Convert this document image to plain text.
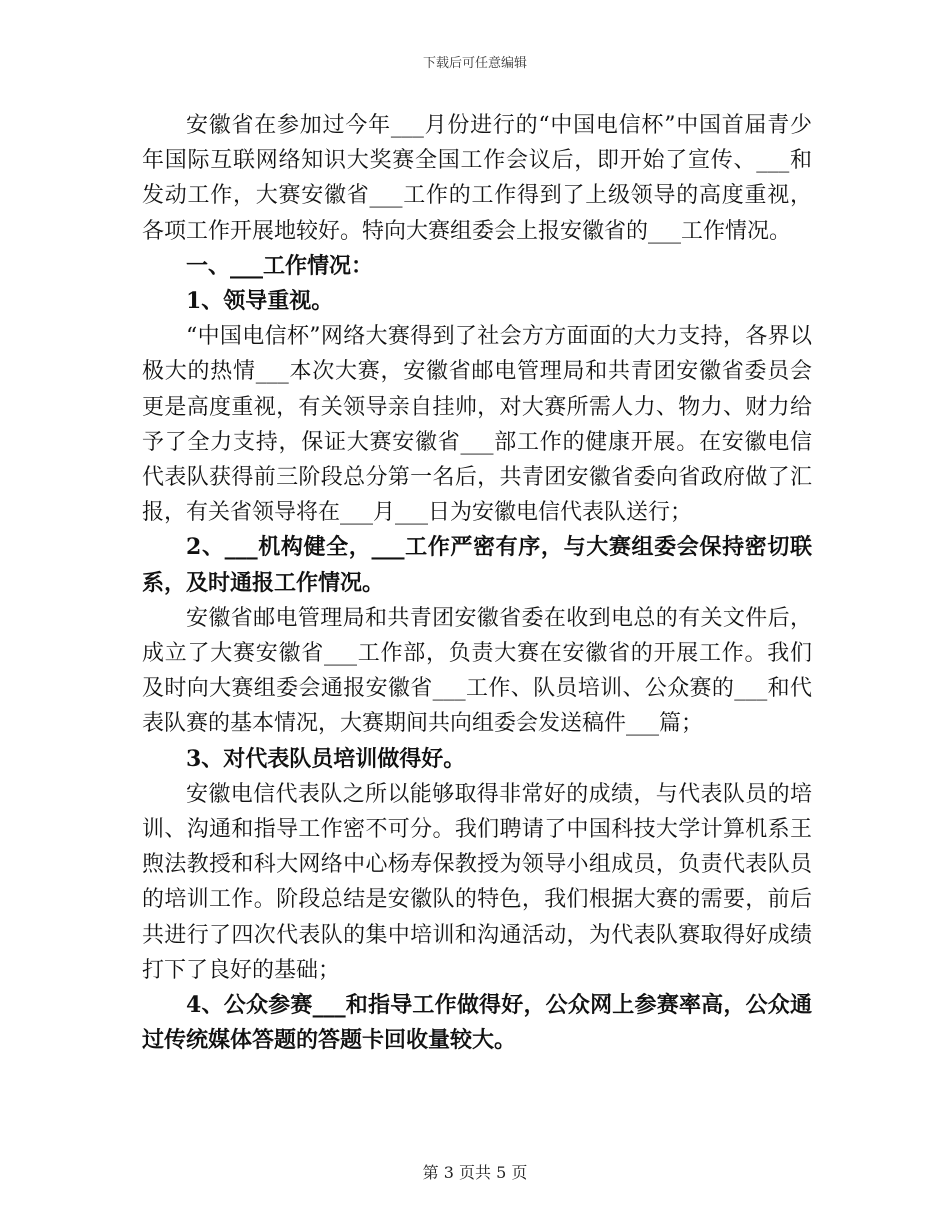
下载后可任意编辑

安徽省在参加过今年___月份进行的“中国电信杯”中国首届青少年国际互联网络知识大奖赛全国工作会议后，即开始了宣传、___和发动工作，大赛安徽省___工作的工作得到了上级领导的高度重视，各项工作开展地较好。特向大赛组委会上报安徽省的___工作情况。

一、___工作情况：

1、领导重视。

“中国电信杯”网络大赛得到了社会方方面面的大力支持，各界以极大的热情___本次大赛，安徽省邮电管理局和共青团安徽省委员会更是高度重视，有关领导亲自挂帅，对大赛所需人力、物力、财力给予了全力支持，保证大赛安徽省___部工作的健康开展。在安徽电信代表队获得前三阶段总分第一名后，共青团安徽省委向省政府做了汇报，有关省领导将在___月___日为安徽电信代表队送行；

2、___机构健全，___工作严密有序，与大赛组委会保持密切联系，及时通报工作情况。

安徽省邮电管理局和共青团安徽省委在收到电总的有关文件后，成立了大赛安徽省___工作部，负责大赛在安徽省的开展工作。我们及时向大赛组委会通报安徽省___工作、队员培训、公众赛的___和代表队赛的基本情况，大赛期间共向组委会发送稿件___篇；

3、对代表队员培训做得好。

安徽电信代表队之所以能够取得非常好的成绩，与代表队员的培训、沟通和指导工作密不可分。我们聘请了中国科技大学计算机系王煦法教授和科大网络中心杨寿保教授为领导小组成员，负责代表队员的培训工作。阶段总结是安徽队的特色，我们根据大赛的需要，前后共进行了四次代表队的集中培训和沟通活动，为代表队赛取得好成绩打下了良好的基础；

4、公众参赛___和指导工作做得好，公众网上参赛率高，公众通过传统媒体答题的答题卡回收量较大。

第 3 页共 5 页
